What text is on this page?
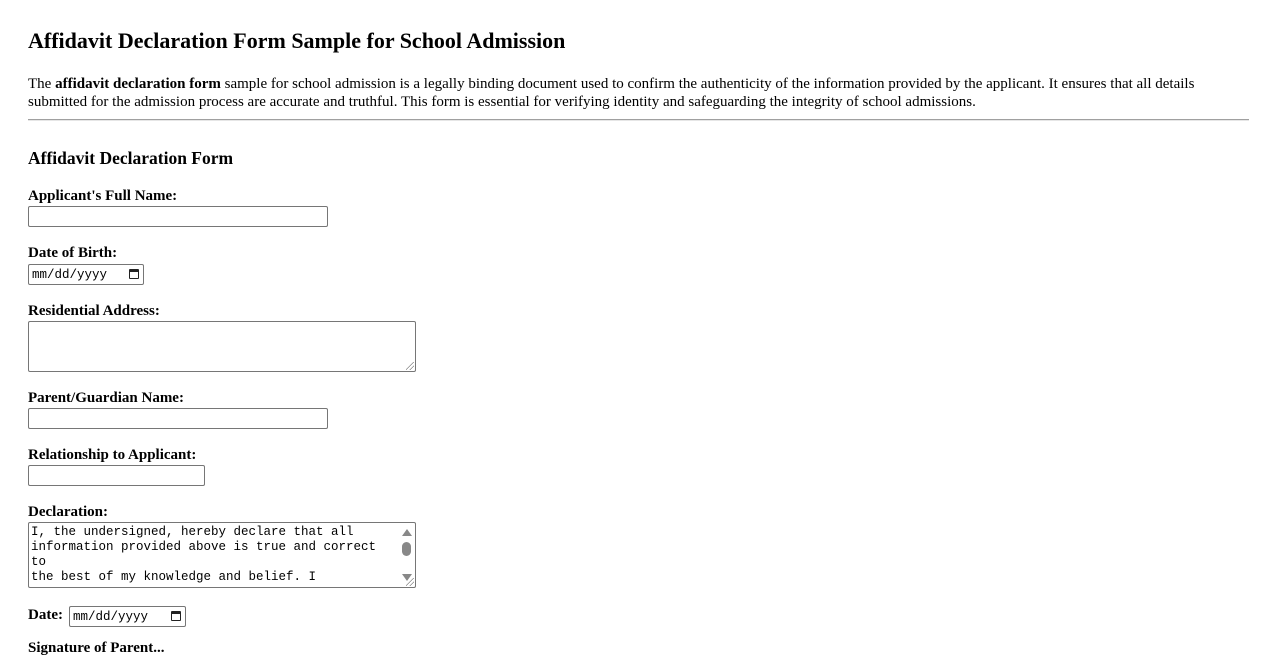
Affidavit Declaration Form Sample for School Admission

The affidavit declaration form sample for school admission is a legally binding document used to confirm the authenticity of the information provided by the applicant. It ensures that all details submitted for the admission process are accurate and truthful. This form is essential for verifying identity and safeguarding the integrity of school admissions.

Affidavit Declaration Form
Applicant's Full Name:
Date of Birth:
mm/dd/yyyy
Residential Address:
Parent/Guardian Name:
Relationship to Applicant:
Declaration:
I, the undersigned, hereby declare that all
information provided above is true and correct to
the best of my knowledge and belief. I

Date: mm/dd/yyyy
Signature of Parent...
